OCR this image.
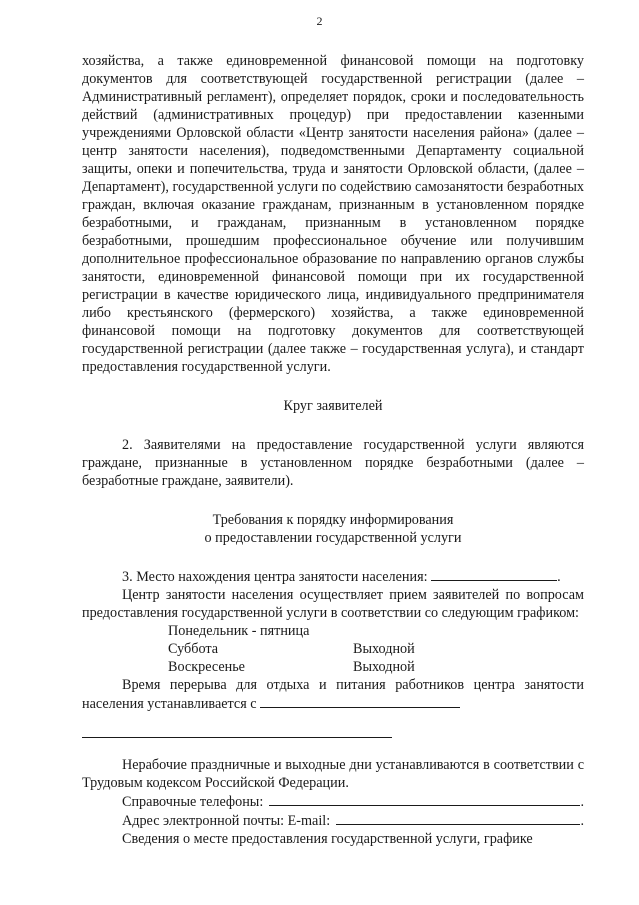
2

хозяйства, а также единовременной финансовой помощи на подготовку документов для соответствующей государственной регистрации (далее – Административный регламент), определяет порядок, сроки и последовательность действий (административных процедур) при предоставлении казенными учреждениями Орловской области «Центр занятости населения района» (далее – центр занятости населения), подведомственными Департаменту социальной защиты, опеки и попечительства, труда и занятости Орловской области, (далее – Департамент), государственной услуги по содействию самозанятости безработных граждан, включая оказание гражданам, признанным в установленном порядке безработными, и гражданам, признанным в установленном порядке безработными, прошедшим профессиональное обучение или получившим дополнительное профессиональное образование по направлению органов службы занятости, единовременной финансовой помощи при их государственной регистрации в качестве юридического лица, индивидуального предпринимателя либо крестьянского (фермерского) хозяйства, а также единовременной финансовой помощи на подготовку документов для соответствующей государственной регистрации (далее также – государственная услуга), и стандарт предоставления государственной услуги.

Круг заявителей

2. Заявителями на предоставление государственной услуги являются граждане, признанные в установленном порядке безработными (далее – безработные граждане, заявители).

Требования к порядку информирования

о предоставлении государственной услуги

3. Место нахождения центра занятости населения:	.

Центр занятости населения осуществляет прием заявителей по вопросам предоставления государственной услуги в соответствии со следующим графиком:

Понедельник - пятница
Суббота	Выходной
Воскресенье	Выходной

Время перерыва для отдыха и питания работников центра занятости населения устанавливается с

Нерабочие праздничные и выходные дни устанавливаются в соответствии с Трудовым кодексом Российской Федерации.

Справочные телефоны:	.
Адрес электронной почты: E-mail:	.

Сведения о месте предоставления государственной услуги, графике
